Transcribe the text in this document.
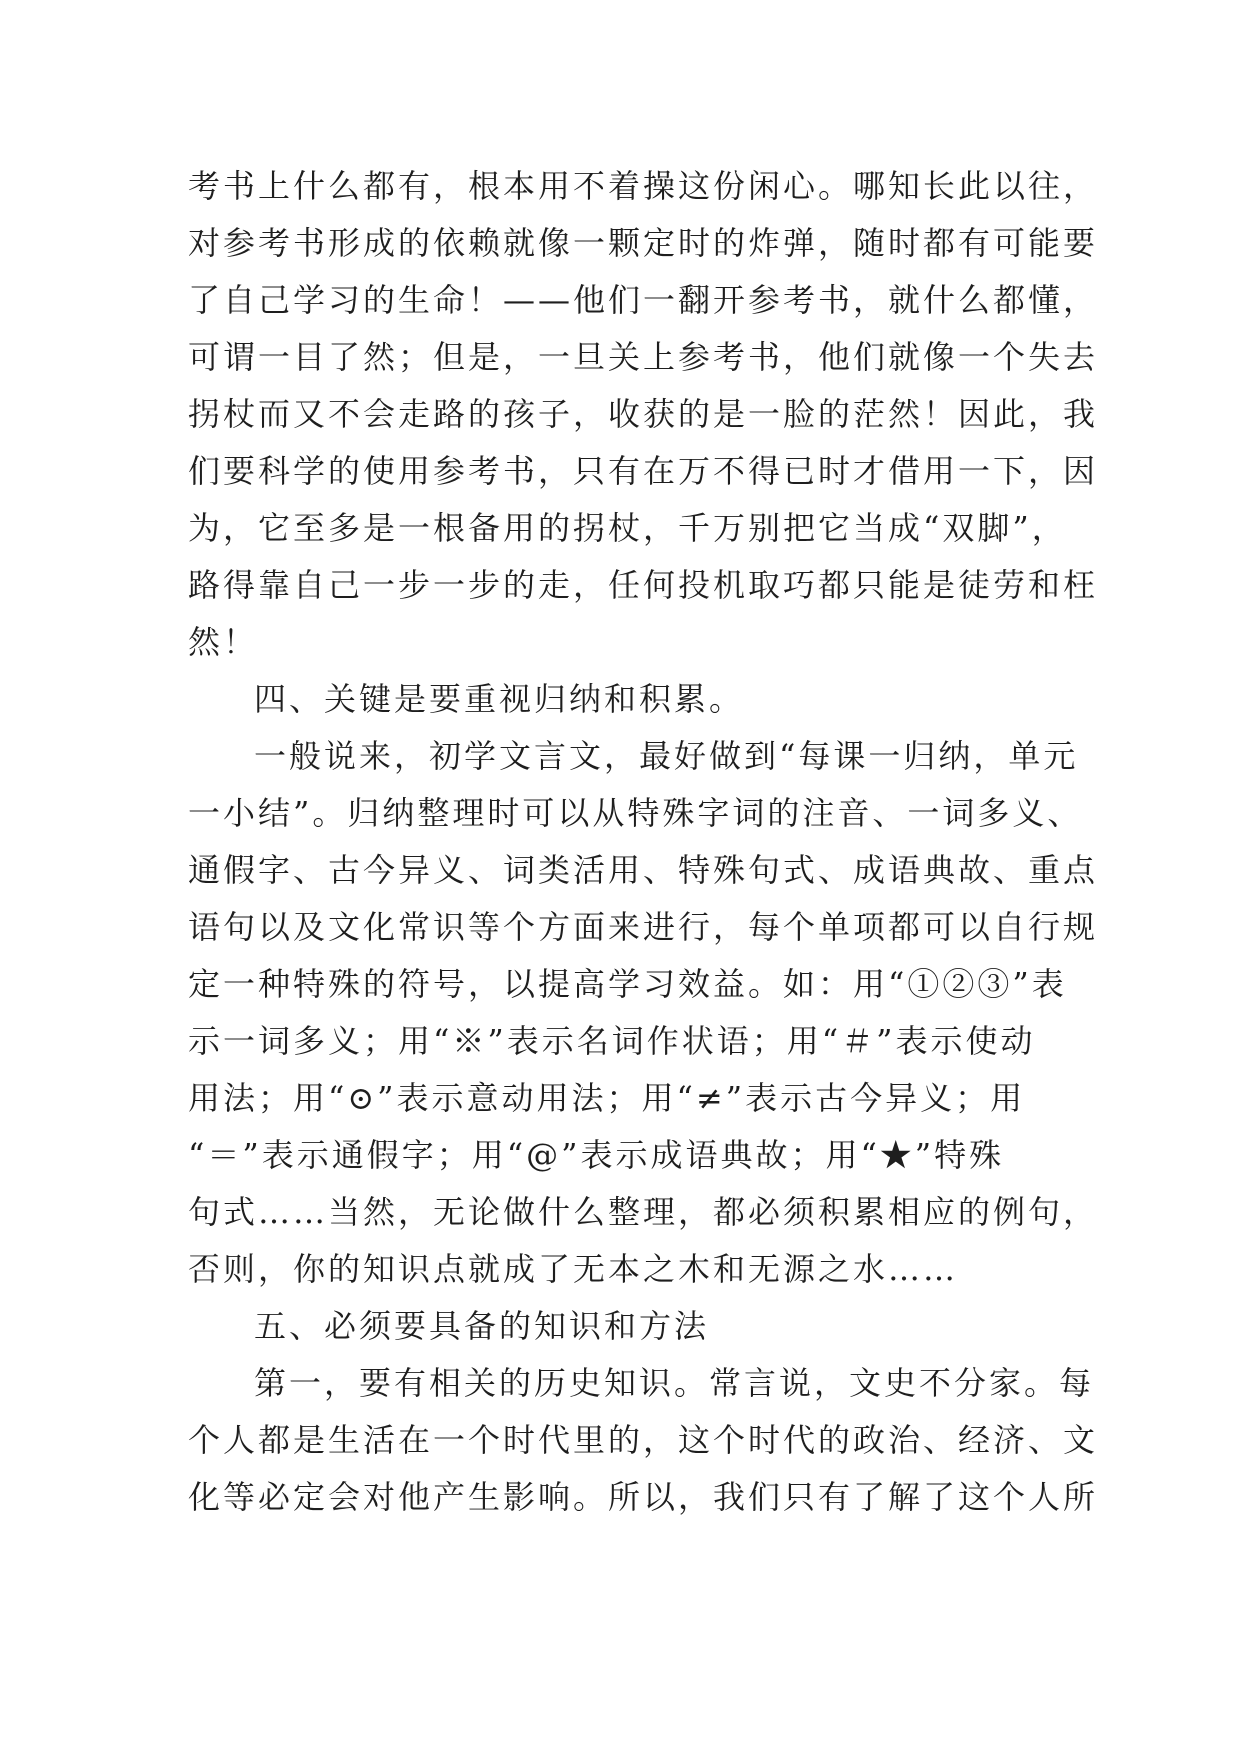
考书上什么都有，根本用不着操这份闲心。哪知长此以往，
对参考书形成的依赖就像一颗定时的炸弹，随时都有可能要
了自己学习的生命！——他们一翻开参考书，就什么都懂，
可谓一目了然；但是，一旦关上参考书，他们就像一个失去
拐杖而又不会走路的孩子，收获的是一脸的茫然！因此，我
们要科学的使用参考书，只有在万不得已时才借用一下，因
为，它至多是一根备用的拐杖，千万别把它当成“双脚”，
路得靠自己一步一步的走，任何投机取巧都只能是徒劳和枉
然！
四、关键是要重视归纳和积累。
一般说来，初学文言文，最好做到“每课一归纳，单元
一小结”。归纳整理时可以从特殊字词的注音、一词多义、
通假字、古今异义、词类活用、特殊句式、成语典故、重点
语句以及文化常识等个方面来进行，每个单项都可以自行规
定一种特殊的符号，以提高学习效益。如：用“①②③”表
示一词多义；用“※”表示名词作状语；用“＃”表示使动
用法；用“⊙”表示意动用法；用“≠”表示古今异义；用
“＝”表示通假字；用“@”表示成语典故；用“★”特殊
句式……当然，无论做什么整理，都必须积累相应的例句，
否则，你的知识点就成了无本之木和无源之水……
五、必须要具备的知识和方法
第一，要有相关的历史知识。常言说，文史不分家。每
个人都是生活在一个时代里的，这个时代的政治、经济、文
化等必定会对他产生影响。所以，我们只有了解了这个人所
